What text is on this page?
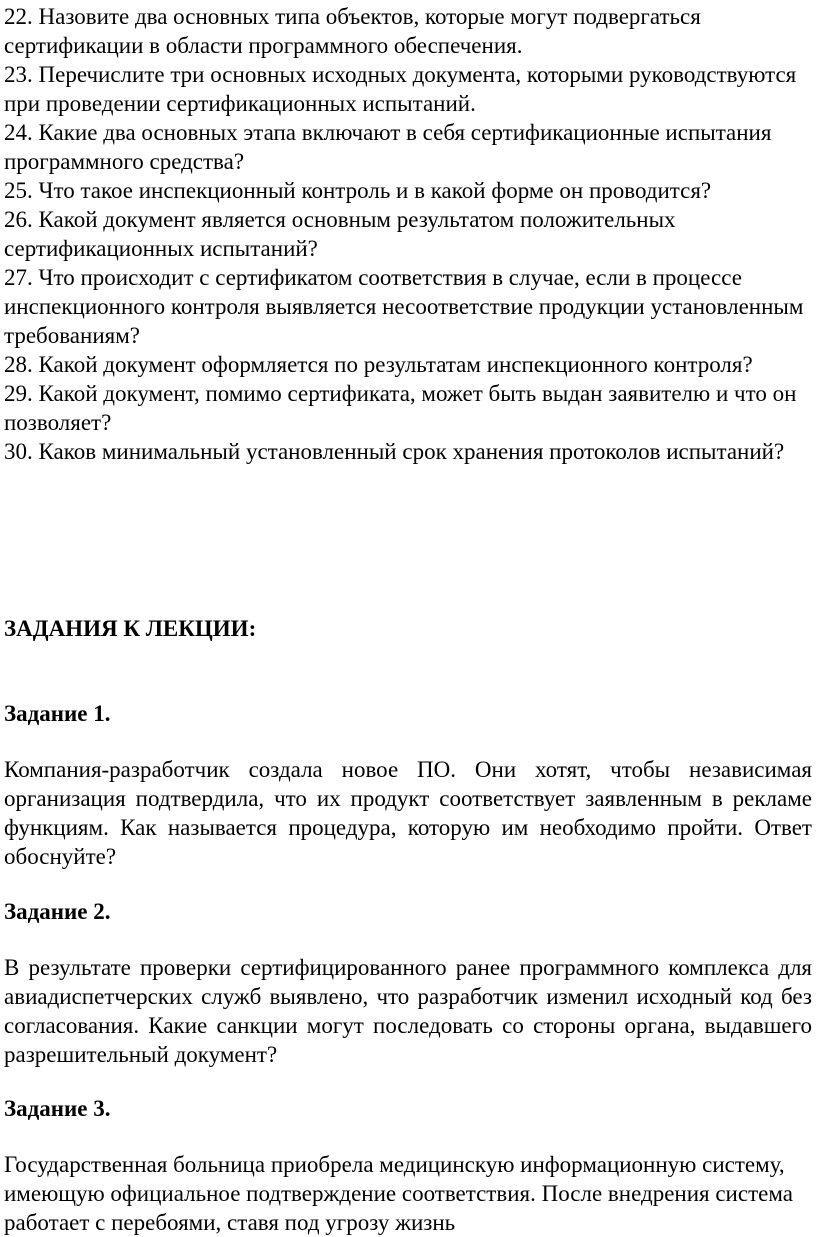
22. Назовите два основных типа объектов, которые могут подвергаться сертификации в области программного обеспечения.

23. Перечислите три основных исходных документа, которыми руководствуются при проведении сертификационных испытаний.

24. Какие два основных этапа включают в себя сертификационные испытания программного средства?

25. Что такое инспекционный контроль и в какой форме он проводится?

26. Какой документ является основным результатом положительных сертификационных испытаний?

27. Что происходит с сертификатом соответствия в случае, если в процессе инспекционного контроля выявляется несоответствие продукции установленным требованиям?

28. Какой документ оформляется по результатам инспекционного контроля?

29. Какой документ, помимо сертификата, может быть выдан заявителю и что он позволяет?

30. Каков минимальный установленный срок хранения протоколов испытаний?

ЗАДАНИЯ К ЛЕКЦИИ:
Задание 1.

Компания-разработчик создала новое ПО. Они хотят, чтобы независимая организация подтвердила, что их продукт соответствует заявленным в рекламе функциям. Как называется процедура, которую им необходимо пройти. Ответ обоснуйте?

Задание 2.

В результате проверки сертифицированного ранее программного комплекса для авиадиспетчерских служб выявлено, что разработчик изменил исходный код без согласования. Какие санкции могут последовать со стороны органа, выдавшего разрешительный документ?

Задание 3.

Государственная больница приобрела медицинскую информационную систему, имеющую официальное подтверждение соответствия. После внедрения система работает с перебоями, ставя под угрозу жизнь
